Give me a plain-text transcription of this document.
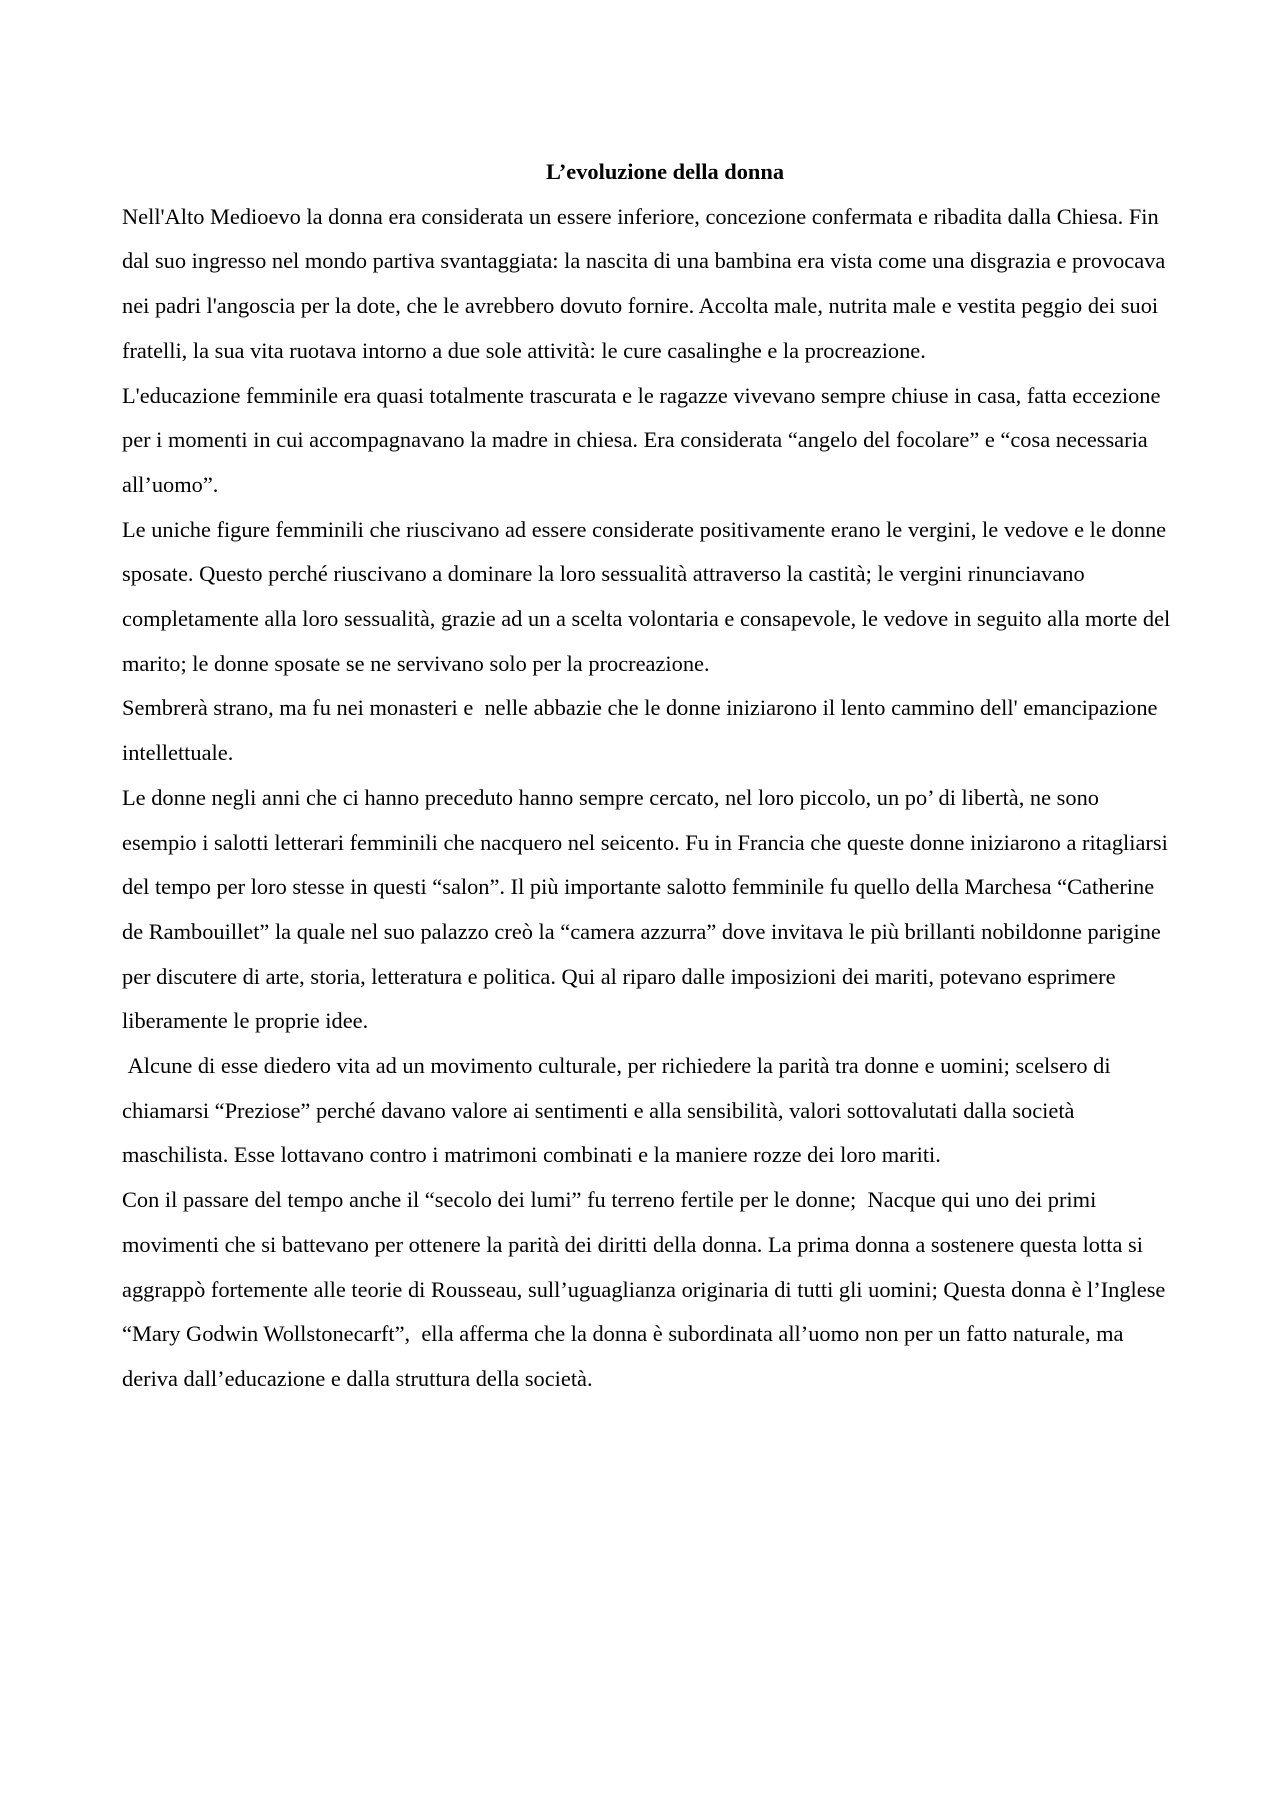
L’evoluzione della donna

Nell'Alto Medioevo la donna era considerata un essere inferiore, concezione confermata e ribadita dalla Chiesa. Fin dal suo ingresso nel mondo partiva svantaggiata: la nascita di una bambina era vista come una disgrazia e provocava nei padri l'angoscia per la dote, che le avrebbero dovuto fornire. Accolta male, nutrita male e vestita peggio dei suoi fratelli, la sua vita ruotava intorno a due sole attività: le cure casalinghe e la procreazione.

L'educazione femminile era quasi totalmente trascurata e le ragazze vivevano sempre chiuse in casa, fatta eccezione per i momenti in cui accompagnavano la madre in chiesa. Era considerata “angelo del focolare” e “cosa necessaria all’uomo”.

Le uniche figure femminili che riuscivano ad essere considerate positivamente erano le vergini, le vedove e le donne sposate. Questo perché riuscivano a dominare la loro sessualità attraverso la castità; le vergini rinunciavano completamente alla loro sessualità, grazie ad un a scelta volontaria e consapevole, le vedove in seguito alla morte del marito; le donne sposate se ne servivano solo per la procreazione.

Sembrerà strano, ma fu nei monasteri e  nelle abbazie che le donne iniziarono il lento cammino dell' emancipazione intellettuale.

Le donne negli anni che ci hanno preceduto hanno sempre cercato, nel loro piccolo, un po’ di libertà, ne sono esempio i salotti letterari femminili che nacquero nel seicento. Fu in Francia che queste donne iniziarono a ritagliarsi del tempo per loro stesse in questi “salon”. Il più importante salotto femminile fu quello della Marchesa “Catherine de Rambouillet” la quale nel suo palazzo creò la “camera azzurra” dove invitava le più brillanti nobildonne parigine per discutere di arte, storia, letteratura e politica. Qui al riparo dalle imposizioni dei mariti, potevano esprimere liberamente le proprie idee.

Alcune di esse diedero vita ad un movimento culturale, per richiedere la parità tra donne e uomini; scelsero di chiamarsi “Preziose” perché davano valore ai sentimenti e alla sensibilità, valori sottovalutati dalla società maschilista. Esse lottavano contro i matrimoni combinati e la maniere rozze dei loro mariti.

Con il passare del tempo anche il “secolo dei lumi” fu terreno fertile per le donne;  Nacque qui uno dei primi movimenti che si battevano per ottenere la parità dei diritti della donna. La prima donna a sostenere questa lotta si aggrappò fortemente alle teorie di Rousseau, sull’uguaglianza originaria di tutti gli uomini; Questa donna è l’Inglese “Mary Godwin Wollstonecarft”,  ella afferma che la donna è subordinata all’uomo non per un fatto naturale, ma deriva dall’educazione e dalla struttura della società.
